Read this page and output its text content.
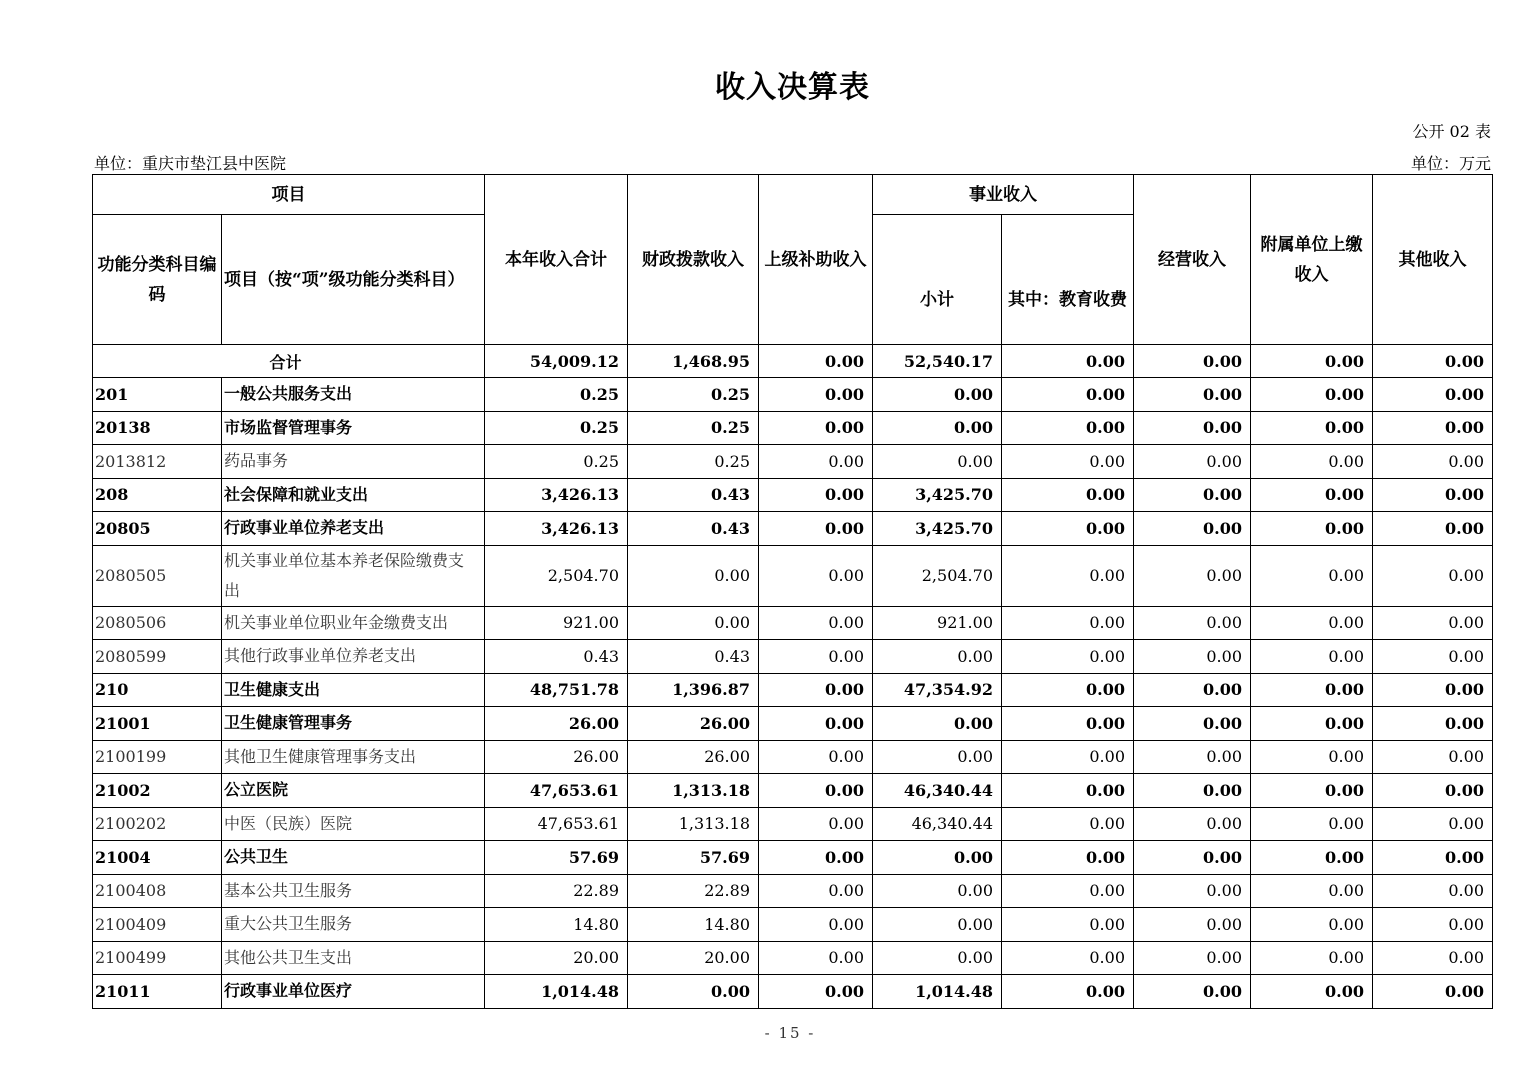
收入决算表
公开 02 表
单位：重庆市垫江县中医院	单位：万元
项目		本年收入合计	财政拨款收入	上级补助收入	事业收入		经营收入	附属单位上缴收入	其他收入
功能分类科目编码	项目（按“项”级功能分类科目）				小计	其中：教育收费			
合计		54,009.12	1,468.95	0.00	52,540.17	0.00	0.00	0.00	0.00
201	一般公共服务支出	0.25	0.25	0.00	0.00	0.00	0.00	0.00	0.00
20138	市场监督管理事务	0.25	0.25	0.00	0.00	0.00	0.00	0.00	0.00
2013812	药品事务	0.25	0.25	0.00	0.00	0.00	0.00	0.00	0.00
208	社会保障和就业支出	3,426.13	0.43	0.00	3,425.70	0.00	0.00	0.00	0.00
20805	行政事业单位养老支出	3,426.13	0.43	0.00	3,425.70	0.00	0.00	0.00	0.00
2080505	机关事业单位基本养老保险缴费支出	2,504.70	0.00	0.00	2,504.70	0.00	0.00	0.00	0.00
2080506	机关事业单位职业年金缴费支出	921.00	0.00	0.00	921.00	0.00	0.00	0.00	0.00
2080599	其他行政事业单位养老支出	0.43	0.43	0.00	0.00	0.00	0.00	0.00	0.00
210	卫生健康支出	48,751.78	1,396.87	0.00	47,354.92	0.00	0.00	0.00	0.00
21001	卫生健康管理事务	26.00	26.00	0.00	0.00	0.00	0.00	0.00	0.00
2100199	其他卫生健康管理事务支出	26.00	26.00	0.00	0.00	0.00	0.00	0.00	0.00
21002	公立医院	47,653.61	1,313.18	0.00	46,340.44	0.00	0.00	0.00	0.00
2100202	中医（民族）医院	47,653.61	1,313.18	0.00	46,340.44	0.00	0.00	0.00	0.00
21004	公共卫生	57.69	57.69	0.00	0.00	0.00	0.00	0.00	0.00
2100408	基本公共卫生服务	22.89	22.89	0.00	0.00	0.00	0.00	0.00	0.00
2100409	重大公共卫生服务	14.80	14.80	0.00	0.00	0.00	0.00	0.00	0.00
2100499	其他公共卫生支出	20.00	20.00	0.00	0.00	0.00	0.00	0.00	0.00
21011	行政事业单位医疗	1,014.48	0.00	0.00	1,014.48	0.00	0.00	0.00	0.00
- 15 -
